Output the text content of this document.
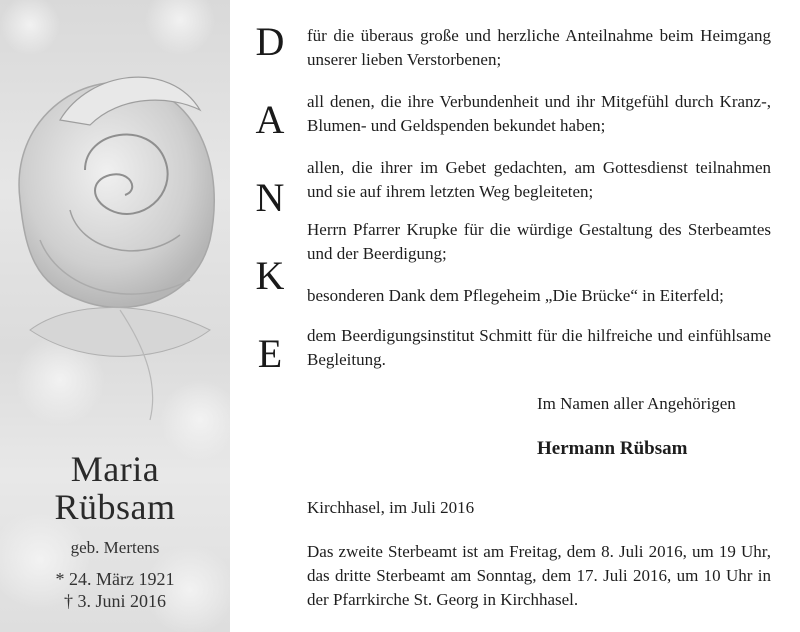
Maria
Rübsam
geb. Mertens
* 24. März 1921
† 3. Juni 2016
D
A
N
K
E
für die überaus große und herzliche Anteilnahme beim Heimgang unserer lieben Verstorbenen;
all denen, die ihre Verbundenheit und ihr Mitgefühl durch Kranz-, Blumen- und Geldspenden bekundet haben;
allen, die ihrer im Gebet gedachten, am Gottesdienst teilnahmen und sie auf ihrem letzten Weg begleiteten;
Herrn Pfarrer Krupke für die würdige Gestaltung des Sterbeamtes und der Beerdigung;
besonderen Dank dem Pflegeheim „Die Brücke“ in Eiterfeld;
dem Beerdigungsinstitut Schmitt für die hilfreiche und einfühlsame Begleitung.
Im Namen aller Angehörigen
Hermann Rübsam
Kirchhasel, im Juli 2016
Das zweite Sterbeamt ist am Freitag, dem 8. Juli 2016, um 19 Uhr, das dritte Sterbeamt am Sonntag, dem 17. Juli 2016, um 10 Uhr in der Pfarrkirche St. Georg in Kirchhasel.
